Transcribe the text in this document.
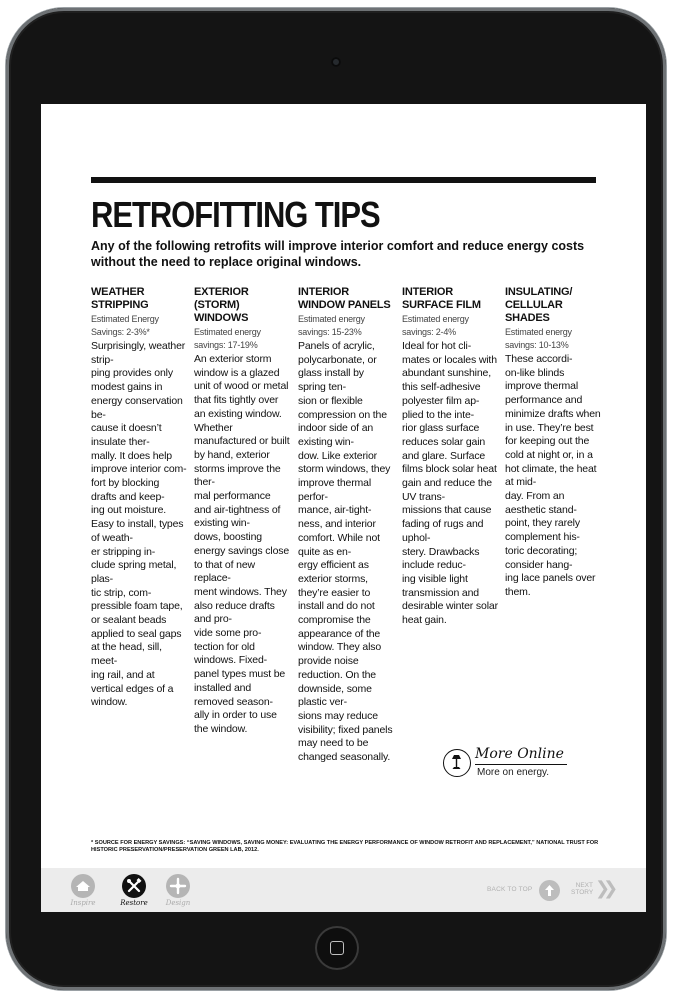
RETROFITTING TIPS

Any of the following retrofits will improve interior comfort and reduce energy costs without the need to replace original windows.

WEATHER
STRIPPING
Estimated Energy Savings: 2-3%*
Surprisingly, weather strip-
ping provides only modest gains in energy conservation be-
cause it doesn’t insulate ther-
mally. It does help improve interior com-
fort by blocking drafts and keep-
ing out moisture. Easy to install, types of weath-
er stripping in-
clude spring metal, plas-
tic strip, com-
pressible foam tape, or sealant beads applied to seal gaps at the head, sill, meet-
ing rail, and at vertical edges of a window.
EXTERIOR
(STORM) WINDOWS
Estimated energy savings: 17-19%
An exterior storm window is a glazed unit of wood or metal that fits tightly over an existing window. Whether manufactured or built by hand, exterior storms improve the ther-
mal performance and air-tightness of existing win-
dows, boosting energy savings close to that of new replace-
ment windows. They also reduce drafts and pro-
vide some pro-
tection for old windows. Fixed-
panel types must be installed and removed season-
ally in order to use the window.
INTERIOR
WINDOW PANELS
Estimated energy savings: 15-23%
Panels of acrylic, polycarbonate, or glass install by spring ten-
sion or flexible compression on the indoor side of an existing win-
dow. Like exterior storm windows, they improve thermal perfor-
mance, air-tight-
ness, and interior comfort. While not quite as en-
ergy efficient as exterior storms, they’re easier to install and do not compromise the appearance of the window. They also provide noise reduction. On the downside, some plastic ver-
sions may reduce visibility; fixed panels may need to be changed seasonally.
INTERIOR
SURFACE FILM
Estimated energy savings: 2-4%
Ideal for hot cli-
mates or locales with abundant sunshine, this self-adhesive polyester film ap-
plied to the inte-
rior glass surface reduces solar gain and glare. Surface films block solar heat gain and reduce the UV trans-
missions that cause fading of rugs and uphol-
stery. Drawbacks include reduc-
ing visible light transmission and desirable winter solar heat gain.
INSULATING/
CELLULAR SHADES
Estimated energy savings: 10-13%
These accordi-
on-like blinds improve thermal performance and minimize drafts when in use. They’re best for keeping out the cold at night or, in a hot climate, the heat at mid-
day. From an aesthetic stand-
point, they rarely complement his-
toric decorating; consider hang-
ing lace panels over them.
More Online
More on energy.

* SOURCE FOR ENERGY SAVINGS: “SAVING WINDOWS, SAVING MONEY: EVALUATING THE ENERGY PERFORMANCE OF WINDOW RETROFIT AND REPLACEMENT,” NATIONAL TRUST FOR HISTORIC PRESERVATION/PRESERVATION GREEN LAB, 2012.

Inspire	Restore	Design
BACK TO TOP
NEXT
STORY ❯❯
